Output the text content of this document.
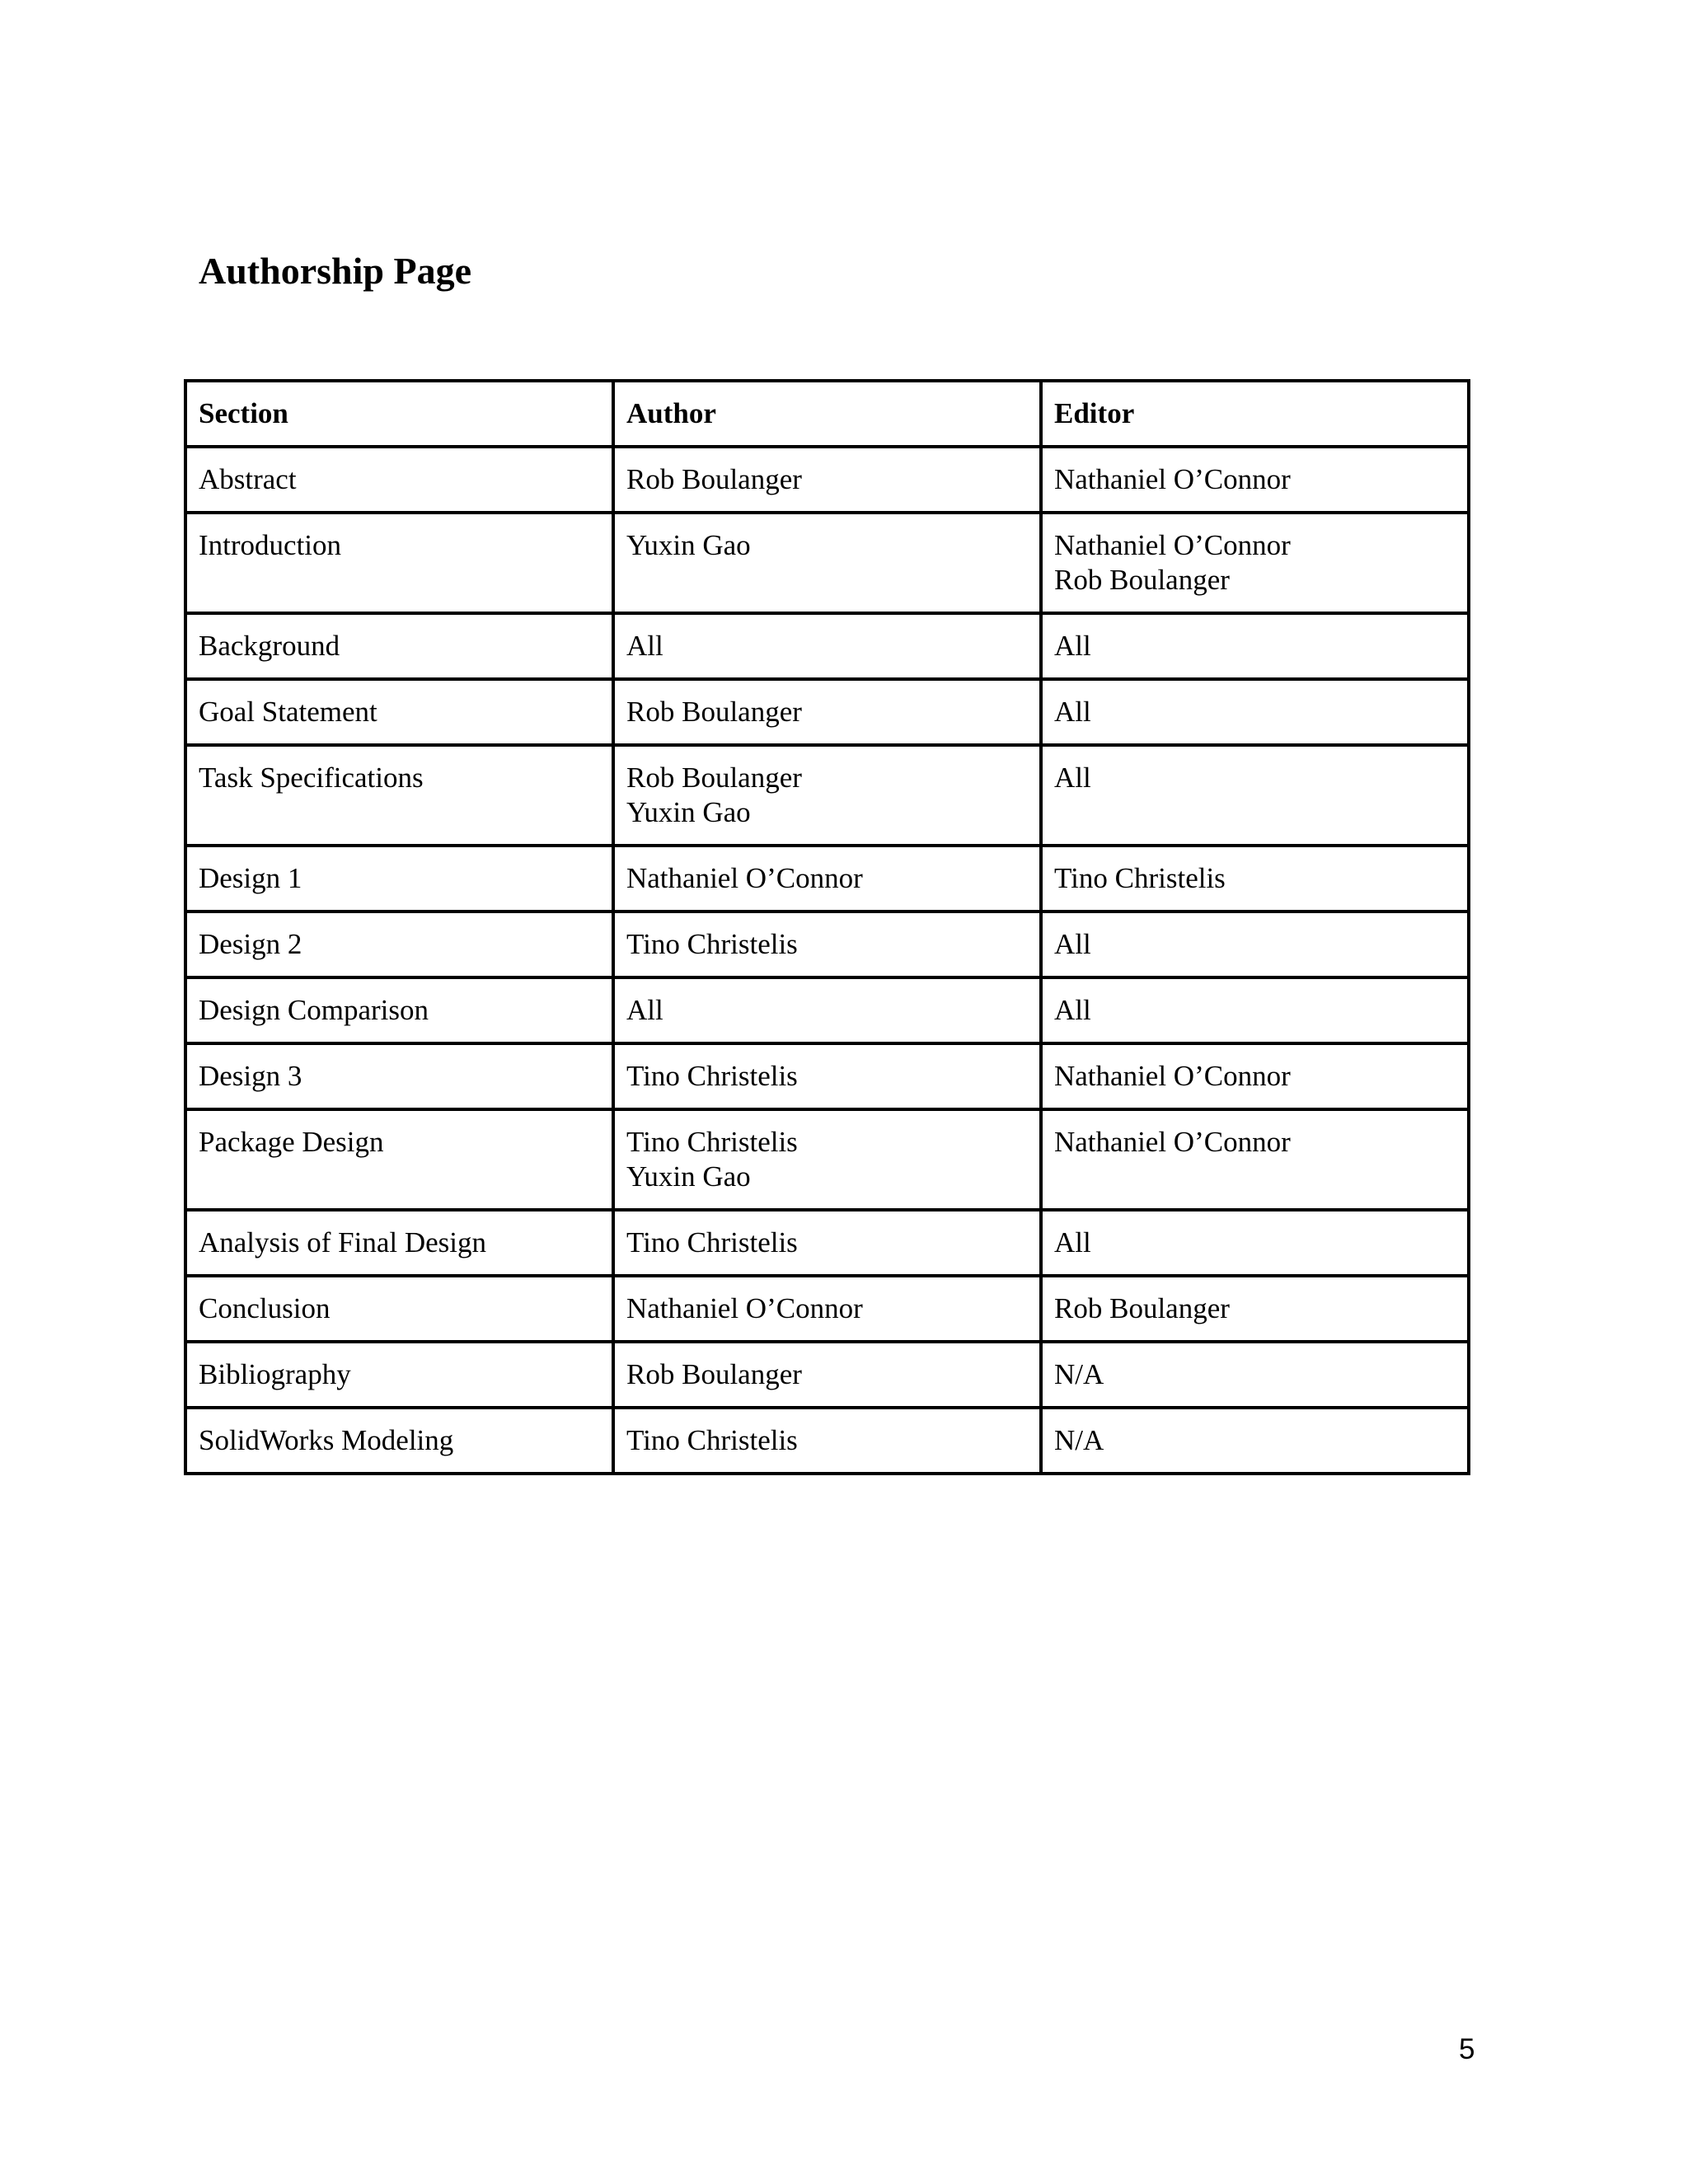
Authorship Page
Section	Author	Editor
Abstract	Rob Boulanger	Nathaniel O’Connor

Introduction	Yuxin Gao	Nathaniel O’Connor
Rob Boulanger

Background	All	All

Goal Statement	Rob Boulanger	All

Task Specifications	Rob Boulanger
Yuxin Gao	All

Design 1	Nathaniel O’Connor	Tino Christelis

Design 2	Tino Christelis	All

Design Comparison	All	All

Design 3	Tino Christelis	Nathaniel O’Connor

Package Design	Tino Christelis
Yuxin Gao	Nathaniel O’Connor

Analysis of Final Design	Tino Christelis	All

Conclusion	Nathaniel O’Connor	Rob Boulanger

Bibliography	Rob Boulanger	N/A

SolidWorks Modeling	Tino Christelis	N/A
5
